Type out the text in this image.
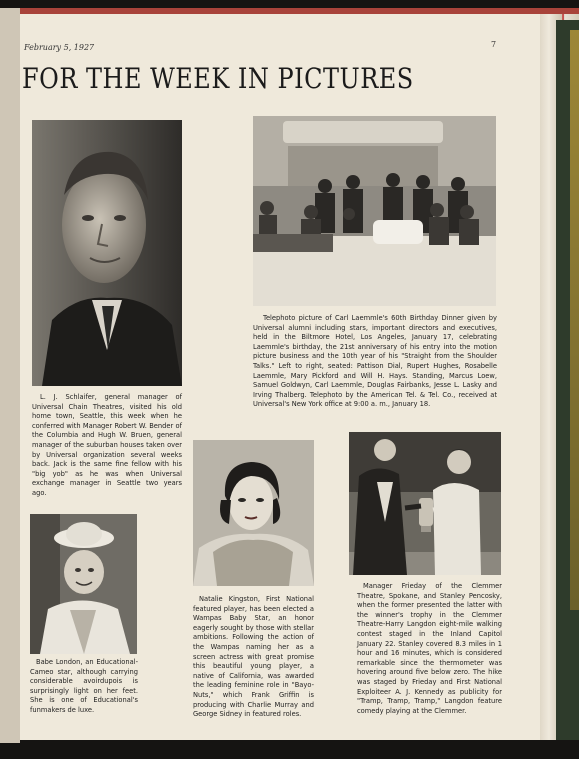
February 5, 1927	7
FOR THE WEEK IN PICTURES

Telephoto picture of Carl Laemmle's 60th Birthday Dinner given by Universal alumni including stars, important directors and executives, held in the Biltmore Hotel, Los Angeles, January 17, celebrating Laemmle's birthday, the 21st anniversary of his entry into the motion picture business and the 10th year of his "Straight from the Shoulder Talks." Left to right, seated: Pattison Dial, Rupert Hughes, Rosabelle Laemmle, Mary Pickford and Will H. Hays. Standing, Marcus Loew, Samuel Goldwyn, Carl Laemmle, Douglas Fairbanks, Jesse L. Lasky and Irving Thalberg. Telephoto by the American Tel. & Tel. Co., received at Universal's New York office at 9:00 a. m., January 18.

L. J. Schlaifer, general manager of Universal Chain Theatres, visited his old home town, Seattle, this week when he conferred with Manager Robert W. Bender of the Columbia and Hugh W. Bruen, general manager of the suburban houses taken over by Universal organization several weeks back. Jack is the same fine fellow with his "big yob" as he was when Universal exchange manager in Seattle two years ago.

Babe London, an Educational-Cameo star, although carrying considerable avoirdupois is surprisingly light on her feet. She is one of Educational's funmakers de luxe.

Natalie Kingston, First National featured player, has been elected a Wampas Baby Star, an honor eagerly sought by those with stellar ambitions. Following the action of the Wampas naming her as a screen actress with great promise this beautiful young player, a native of California, was awarded the leading feminine role in "Bayo-Nuts," which Frank Griffin is producing with Charlie Murray and George Sidney in featured roles.

Manager Frieday of the Clemmer Theatre, Spokane, and Stanley Pencosky, when the former presented the latter with the winner's trophy in the Clemmer Theatre-Harry Langdon eight-mile walking contest staged in the Inland Capitol January 22. Stanley covered 8.3 miles in 1 hour and 16 minutes, which is considered remarkable since the thermometer was hovering around five below zero. The hike was staged by Frieday and First National Exploiteer A. J. Kennedy as publicity for "Tramp, Tramp, Tramp," Langdon feature comedy playing at the Clemmer.
